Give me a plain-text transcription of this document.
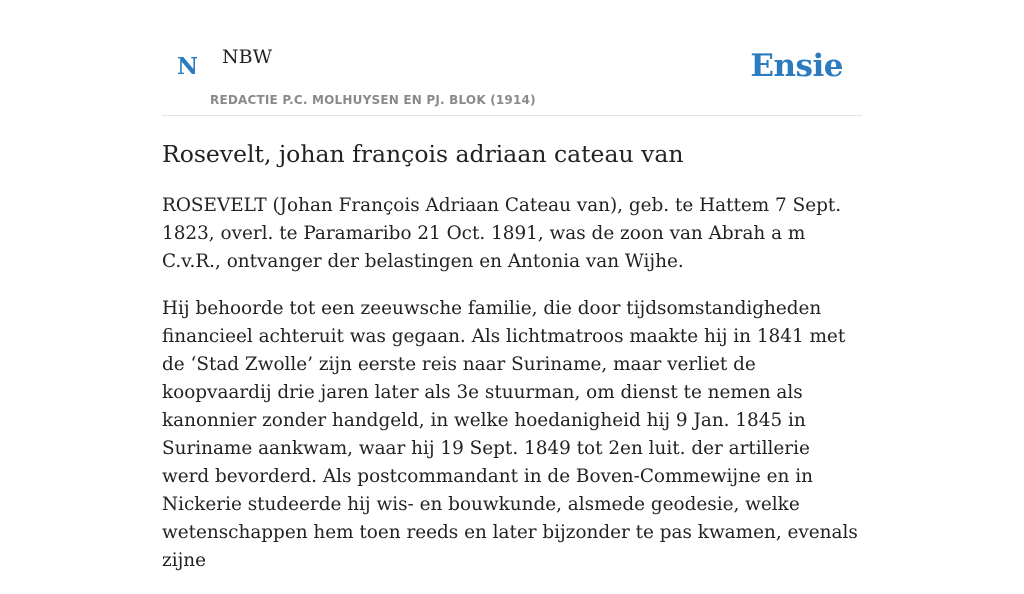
N NBW
REDACTIE P.C. MOLHUYSEN EN PJ. BLOK (1914)
Ensie
Rosevelt, johan françois adriaan cateau van

ROSEVELT (Johan François Adriaan Cateau van), geb. te Hattem 7 Sept. 1823, overl. te Paramaribo 21 Oct. 1891, was de zoon van Abrah a m C.v.R., ontvanger der belastingen en Antonia van Wijhe.

Hij behoorde tot een zeeuwsche familie, die door tijdsomstandigheden financieel achteruit was gegaan. Als lichtmatroos maakte hij in 1841 met de ‘Stad Zwolle’ zijn eerste reis naar Suriname, maar verliet de koopvaardij drie jaren later als 3e stuurman, om dienst te nemen als kanonnier zonder handgeld, in welke hoedanigheid hij 9 Jan. 1845 in Suriname aankwam, waar hij 19 Sept. 1849 tot 2en luit. der artillerie werd bevorderd. Als postcommandant in de Boven-Commewijne en in Nickerie studeerde hij wis- en bouwkunde, alsmede geodesie, welke wetenschappen hem toen reeds en later bijzonder te pas kwamen, evenals zijne
